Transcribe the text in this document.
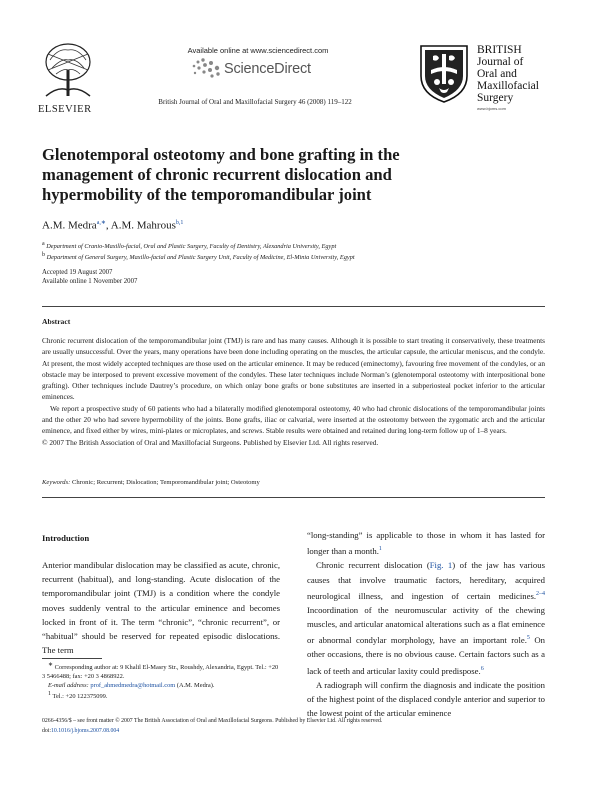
ELSEVIER
Available online at www.sciencedirect.com
ScienceDirect
British Journal of Oral and Maxillofacial Surgery 46 (2008) 119–122
BRITISH
Journal of
Oral and
Maxillofacial
Surgery
www.bjoms.com
Glenotemporal osteotomy and bone grafting in the management of chronic recurrent dislocation and hypermobility of the temporomandibular joint
A.M. Medra$^{a,∗}$, A.M. Mahrous$^{b,1}$
a Department of Cranio-Maxillo-facial, Oral and Plastic Surgery, Faculty of Dentistry, Alexandria University, Egypt
b Department of General Surgery, Maxillo-facial and Plastic Surgery Unit, Faculty of Medicine, El-Minia University, Egypt
Accepted 19 August 2007
Available online 1 November 2007
Abstract

Chronic recurrent dislocation of the temporomandibular joint (TMJ) is rare and has many causes. Although it is possible to start treating it conservatively, these treatments are usually unsuccessful. Over the years, many operations have been done including operating on the muscles, the articular capsule, the articular meniscus, and the condyle. At present, the most widely accepted techniques are those used on the articular eminence. It may be reduced (eminectomy), favouring free movement of the condyles, or an obstacle may be interposed to prevent excessive movement of the condyles. These later techniques include Norman’s (glenotemporal osteotomy with interpositional bone grafting). Other techniques include Dautrey’s procedure, on which onlay bone grafts or bone substitutes are inserted in a subperiosteal pocket inferior to the articular eminences.

We report a prospective study of 60 patients who had a bilaterally modified glenotemporal osteotomy, 40 who had chronic dislocations of the temporomandibular joints and the other 20 who had severe hypermobility of the joints. Bone grafts, iliac or calvarial, were inserted at the osteotomy between the zygomatic arch and the articular eminence, and fixed either by wires, mini-plates or microplates, and screws. Stable results were obtained and retained during long-term follow up of 1–8 years.

© 2007 The British Association of Oral and Maxillofacial Surgeons. Published by Elsevier Ltd. All rights reserved.

Keywords: Chronic; Recurrent; Dislocation; Temporomandibular joint; Osteotomy
Introduction

Anterior mandibular dislocation may be classified as acute, chronic, recurrent (habitual), and long-standing. Acute dislocation of the temporomandibular joint (TMJ) is a condition where the condyle moves suddenly ventral to the articular eminence and becomes locked in front of it. The term “chronic”, “chronic recurrent”, or “habitual” should be reserved for repeated episodic dislocations. The term

∗ Corresponding author at: 9 Khalil El-Masry Str., Roushdy, Alexandria, Egypt. Tel.: +20 3 5466488; fax: +20 3 4868922.
E-mail address: prof_ahmedmedra@hotmail.com (A.M. Medra).
1 Tel.: +20 122375099.

“long-standing” is applicable to those in whom it has lasted for longer than a month.$^1$

Chronic recurrent dislocation (Fig. 1) of the jaw has various causes that involve traumatic factors, hereditary, acquired neurological illness, and ingestion of certain medicines.$^{2-4}$ Incoordination of the neuromuscular activity of the chewing muscles, and articular anatomical alterations such as a flat eminence or abnormal condylar morphology, have an important role.$^5$ On other occasions, there is no obvious cause. Certain factors such as a lack of teeth and articular laxity could predispose.$^6$

A radiograph will confirm the diagnosis and indicate the position of the highest point of the displaced condyle anterior and superior to the lowest point of the articular eminence

0266-4356/$ – see front matter © 2007 The British Association of Oral and Maxillofacial Surgeons. Published by Elsevier Ltd. All rights reserved.
doi:10.1016/j.bjoms.2007.08.004
